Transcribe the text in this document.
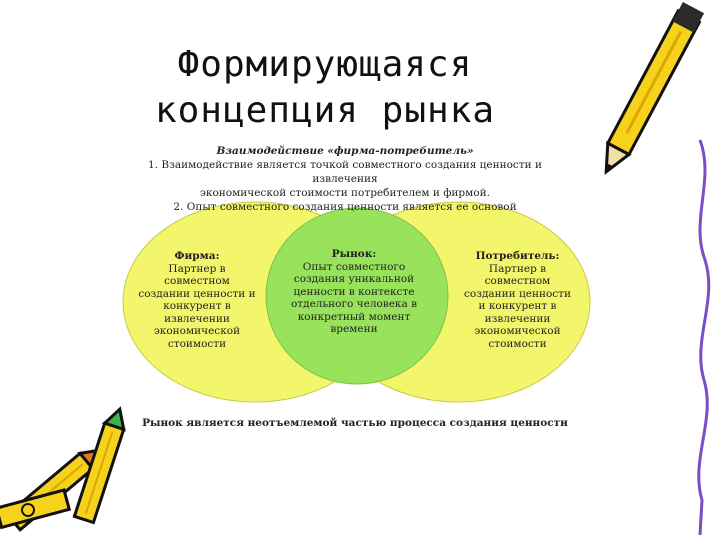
Формирующаяся
концепция рынка
Взаимодействие «фирма-потребитель»
1. Взаимодействие является точкой совместного создания ценности и извлечения
экономической стоимости потребителем и фирмой.
2. Опыт совместного создания ценности является ее основой
Фирма:
Партнер в
совместном
создании ценности и
конкурент в
извлечении
экономической
стоимости
Рынок:
Опыт совместного
создания уникальной
ценности в контексте
отдельного человека в
конкретный момент
времени
Потребитель:
Партнер в
совместном
создании ценности
и конкурент в
извлечении
экономической
стоимости
Рынок является неотъемлемой частью процесса создания ценности
